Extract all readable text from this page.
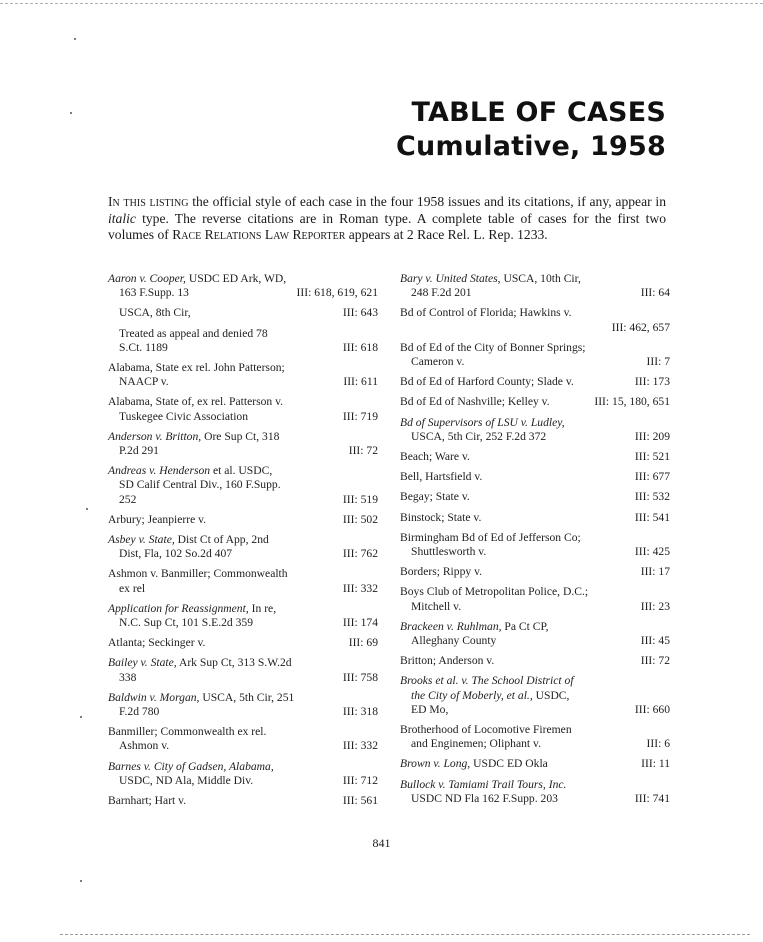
TABLE OF CASES
Cumulative, 1958
In this listing the official style of each case in the four 1958 issues and its citations, if any, appear in italic type. The reverse citations are in Roman type. A complete table of cases for the first two volumes of Race Relations Law Reporter appears at 2 Race Rel. L. Rep. 1233.
Aaron v. Cooper, USDC ED Ark, WD,
163 F.Supp. 13	III: 618, 619, 621
USCA, 8th Cir,	III: 643
Treated as appeal and denied 78
S.Ct. 1189	III: 618
Alabama, State ex rel. John Patterson;
NAACP v.	III: 611
Alabama, State of, ex rel. Patterson v.
Tuskegee Civic Association	III: 719
Anderson v. Britton, Ore Sup Ct, 318
P.2d 291	III: 72
Andreas v. Henderson et al. USDC,
SD Calif Central Div., 160 F.Supp.
252	III: 519
Arbury; Jeanpierre v.	III: 502
Asbey v. State, Dist Ct of App, 2nd
Dist, Fla, 102 So.2d 407	III: 762
Ashmon v. Banmiller; Commonwealth
ex rel	III: 332
Application for Reassignment, In re,
N.C. Sup Ct, 101 S.E.2d 359	III: 174
Atlanta; Seckinger v.	III: 69
Bailey v. State, Ark Sup Ct, 313 S.W.2d
338	III: 758
Baldwin v. Morgan, USCA, 5th Cir, 251
F.2d 780	III: 318
Banmiller; Commonwealth ex rel.
Ashmon v.	III: 332
Barnes v. City of Gadsen, Alabama,
USDC, ND Ala, Middle Div.	III: 712
Barnhart; Hart v.	III: 561
Bary v. United States, USCA, 10th Cir,
248 F.2d 201	III: 64
Bd of Control of Florida; Hawkins v.
III: 462, 657
Bd of Ed of the City of Bonner Springs;
Cameron v.	III: 7
Bd of Ed of Harford County; Slade v.	III: 173
Bd of Ed of Nashville; Kelley v.	III: 15, 180, 651
Bd of Supervisors of LSU v. Ludley,
USCA, 5th Cir, 252 F.2d 372	III: 209
Beach; Ware v.	III: 521
Bell, Hartsfield v.	III: 677
Begay; State v.	III: 532
Binstock; State v.	III: 541
Birmingham Bd of Ed of Jefferson Co;
Shuttlesworth v.	III: 425
Borders; Rippy v.	III: 17
Boys Club of Metropolitan Police, D.C.;
Mitchell v.	III: 23
Brackeen v. Ruhlman, Pa Ct CP,
Alleghany County	III: 45
Britton; Anderson v.	III: 72
Brooks et al. v. The School District of
the City of Moberly, et al., USDC,
ED Mo,	III: 660
Brotherhood of Locomotive Firemen
and Enginemen; Oliphant v.	III: 6
Brown v. Long, USDC ED Okla	III: 11
Bullock v. Tamiami Trail Tours, Inc.
USDC ND Fla 162 F.Supp. 203	III: 741
841
